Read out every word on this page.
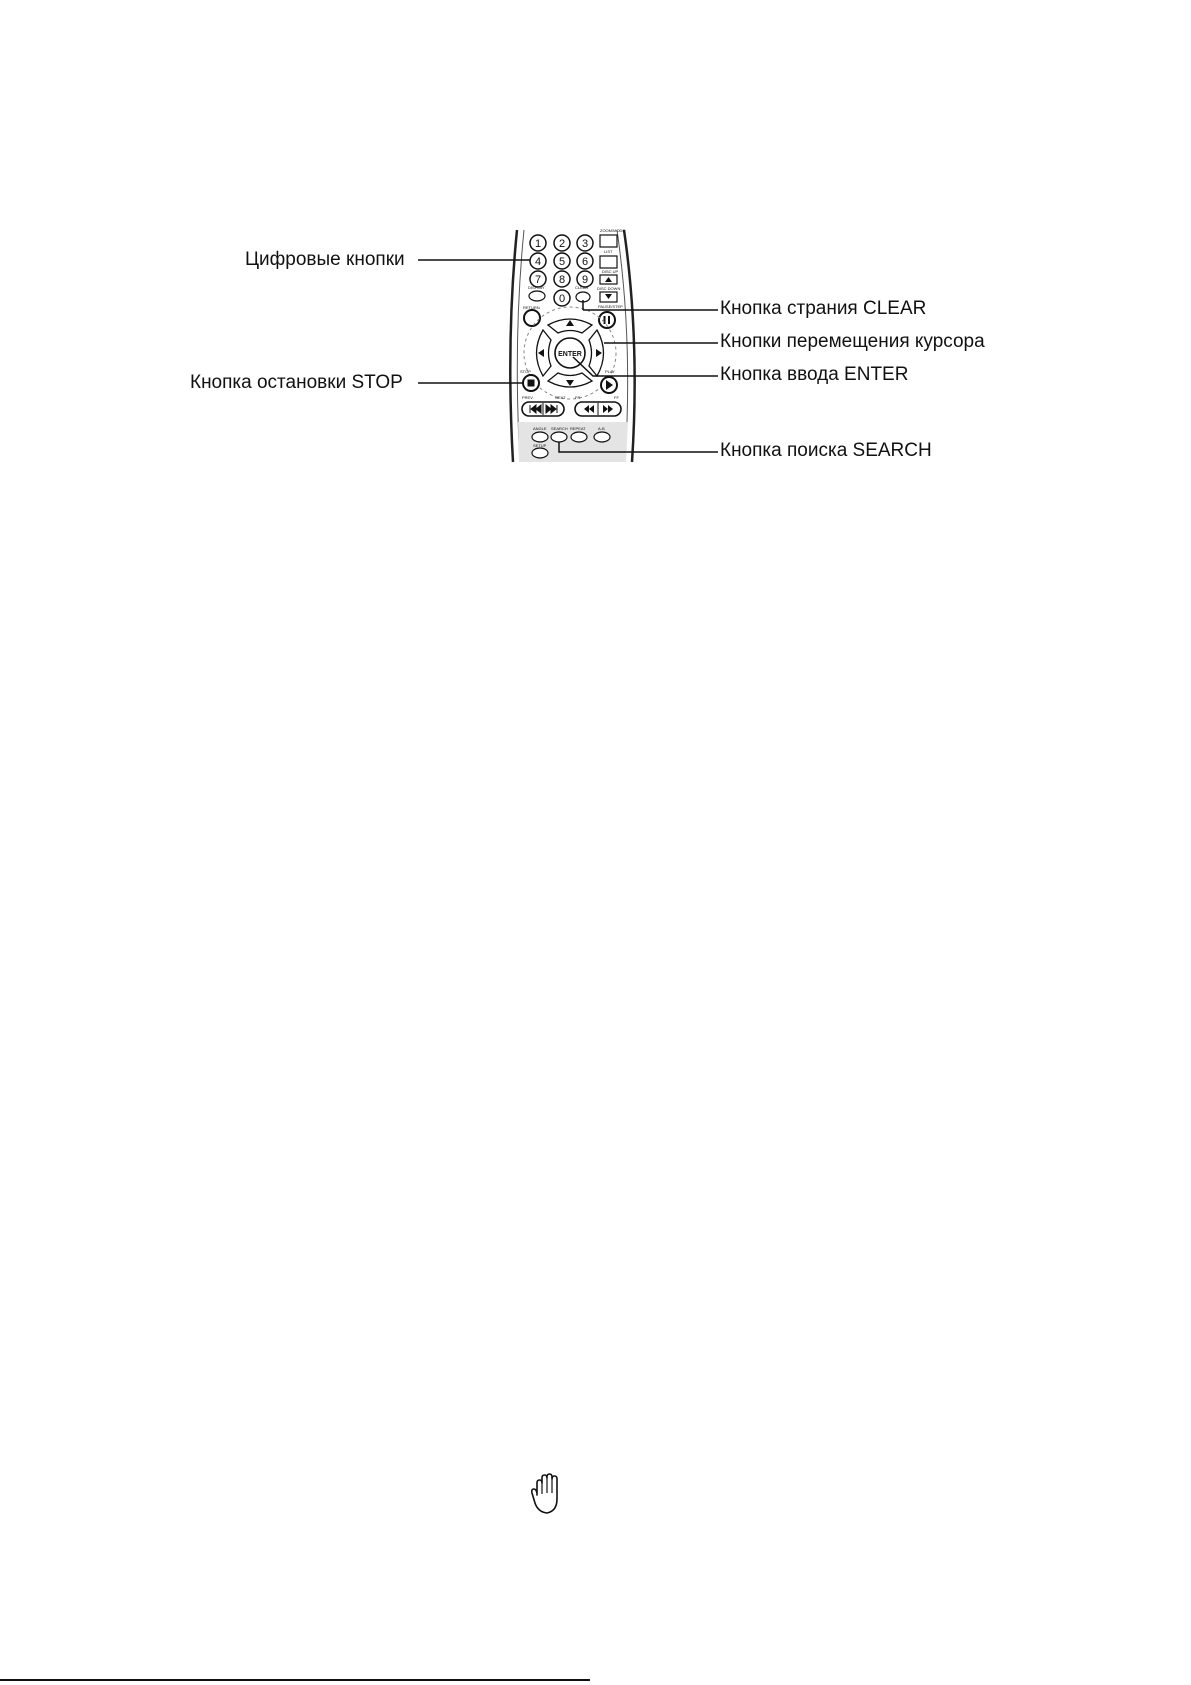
1 2 3
4 5 6
7 8 9
0
ZOOM/MODE
LIST
DISC UP
DISC DOWN
DISPLAY	CLEAR
RETURN	PAUSE/STEP
ENTER
STOP	PLAY
PREV	NEXT FR	FF
ANGLE SEARCH REPEAT	A-B
SETUP
Цифровые кнопки
Кнопка страния CLEAR
Кнопки перемещения курсора
Кнопка остановки STOP	Кнопка ввода ENTER
Кнопка поиска SEARCH
